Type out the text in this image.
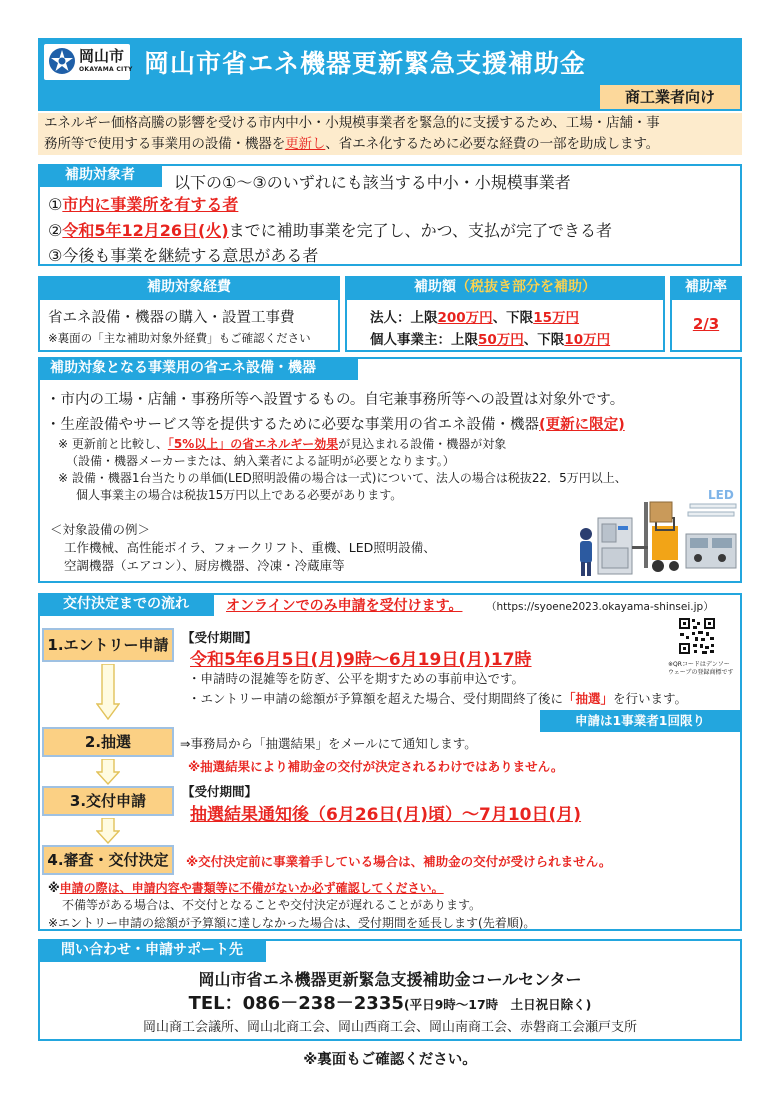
岡山市
OKAYAMA CITY 岡山市省エネ機器更新緊急支援補助金
商工業者向け
エネルギー価格高騰の影響を受ける市内中小・小規模事業者を緊急的に支援するため、工場・店舗・事
務所等で使用する事業用の設備・機器を更新し、省エネ化するために必要な経費の一部を助成します。
補助対象者	以下の①～③のいずれにも該当する中小・小規模事業者
①市内に事業所を有する者
②令和5年12月26日(火)までに補助事業を完了し、かつ、支払が完了できる者
③今後も事業を継続する意思がある者
補助対象経費
省エネ設備・機器の購入・設置工事費
※裏面の「主な補助対象外経費」もご確認ください
補助額（税抜き部分を補助）
法人：上限200万円、下限15万円
個人事業主：上限50万円、下限10万円
補助率
2/3
補助対象となる事業用の省エネ設備・機器
・市内の工場・店舗・事務所等へ設置するもの。自宅兼事務所等への設置は対象外です。
・生産設備やサービス等を提供するために必要な事業用の省エネ設備・機器(更新に限定)
※ 更新前と比較し、「5%以上」の省エネルギー効果が見込まれる設備・機器が対象
（設備・機器メーカーまたは、納入業者による証明が必要となります。）
※ 設備・機器1台当たりの単価(LED照明設備の場合は一式)について、法人の場合は税抜22．5万円以上、
個人事業主の場合は税抜15万円以上である必要があります。
＜対象設備の例＞
工作機械、高性能ボイラ、フォークリフト、重機、LED照明設備、
空調機器（エアコン）、厨房機器、冷凍・冷蔵庫等
LED
交付決定までの流れ	オンラインでのみ申請を受付けます。 （https://syoene2023.okayama-shinsei.jp）
※QRコードはデンソー
ウェーブの登録商標です
1.エントリー申請	【受付期間】
令和5年6月5日(月)9時～6月19日(月)17時
・申請時の混雑等を防ぎ、公平を期すための事前申込です。
・エントリー申請の総額が予算額を超えた場合、受付期間終了後に「抽選」を行います。
申請は1事業者1回限り
2.抽選	⇒事務局から「抽選結果」をメールにて通知します。
※抽選結果により補助金の交付が決定されるわけではありません。
3.交付申請
【受付期間】
抽選結果通知後（6月26日(月)頃）～7月10日(月)
4.審査・交付決定	※交付決定前に事業着手している場合は、補助金の交付が受けられません。
※申請の際は、申請内容や書類等に不備がないか必ず確認してください。
不備等がある場合は、不交付となることや交付決定が遅れることがあります。
※エントリー申請の総額が予算額に達しなかった場合は、受付期間を延長します(先着順)。
問い合わせ・申請サポート先
岡山市省エネ機器更新緊急支援補助金コールセンター
TEL：086－238－2335(平日9時～17時　土日祝日除く)
岡山商工会議所、岡山北商工会、岡山西商工会、岡山南商工会、赤磐商工会瀬戸支所
※裏面もご確認ください。
